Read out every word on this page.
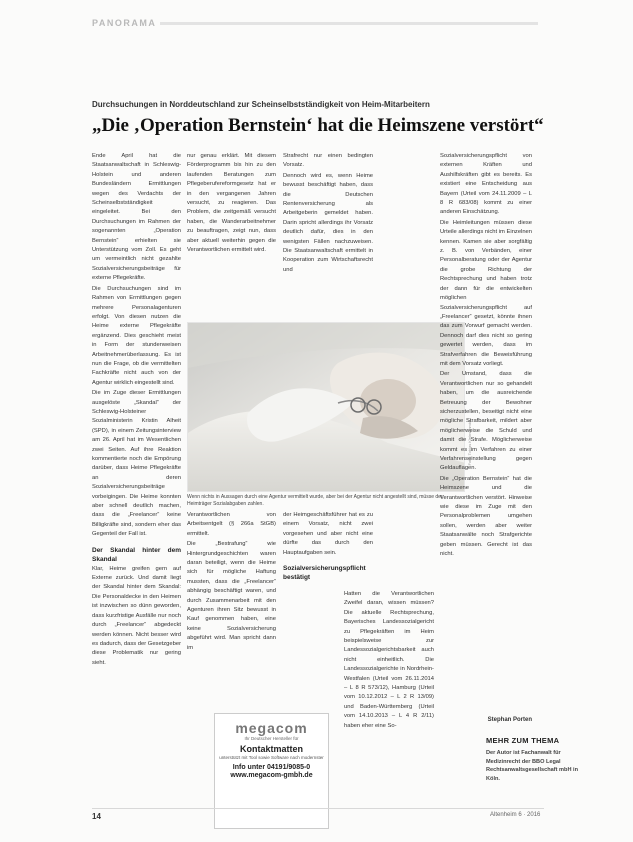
PANORAMA
Durchsuchungen in Norddeutschland zur Scheinselbstständigkeit von Heim-Mitarbeitern
„Die ‚Operation Bernstein‘ hat die Heimszene verstört“

Ende April hat die Staatsanwaltschaft in Schleswig-Holstein und anderen Bundesländern Ermittlungen wegen des Verdachts der Scheinselbstständigkeit eingeleitet. Bei den Durchsuchungen im Rahmen der sogenannten „Operation Bernstein“ erhielten sie Unterstützung vom Zoll. Es geht um vermeintlich nicht gezahlte Sozialversicherungsbeiträge für externe Pflegekräfte.

Die Durchsuchungen sind im Rahmen von Ermittlungen gegen mehrere Personalagenturen erfolgt. Von diesen nutzen die Heime externe Pflegekräfte ergänzend. Dies geschieht meist in Form der stundenweisen Arbeitnehmerüberlassung. Es ist nun die Frage, ob die vermittelten Fachkräfte nicht auch von der Agentur wirklich eingestellt sind.

Die im Zuge dieser Ermittlungen ausgelöste „Skandal“ der Schleswig-Holsteiner Sozialministerin Kristin Alheit (SPD), in einem Zeitungsinterview am 26. April hat im Wesentlichen zwei Seiten. Auf ihre Reaktion kommentierte noch die Empörung darüber, dass Heime Pflegekräfte an deren Sozialversicherungsbeiträge vorbeigingen. Die Heime konnten aber schnell deutlich machen, dass die „Freelancer“ keine Billigkräfte sind, sondern eher das Gegenteil der Fall ist.

Der Skandal hinter dem Skandal

Klar, Heime greifen gern auf Externe zurück. Und damit liegt der Skandal hinter dem Skandal: Die Personaldecke in den Heimen ist inzwischen so dünn geworden, dass kurzfristige Ausfälle nur noch durch „Freelancer“ abgedeckt werden können. Nicht besser wird es dadurch, dass der Gesetzgeber diese Problematik nur gering sieht.

nur genau erklärt. Mit diesem Förderprogramm bis hin zu den laufenden Beratungen zum Pflegeberufereformgesetz hat er in den vergangenen Jahren versucht, zu reagieren. Das Problem, die zeitgemäß versucht haben, die Wanderarbeitnehmer zu beauftragen, zeigt nun, dass aber aktuell weiterhin gegen die Verantwortlichen ermittelt wird.

Strafrecht nur einen bedingten Vorsatz.

Dennoch wird es, wenn Heime bewusst beschäftigt haben, dass die Deutschen Rentenversicherung als Arbeitgeberin gemeldet haben. Darin spricht allerdings ihr Vorsatz deutlich dafür, dies in den wenigsten Fällen nachzuweisen. Die Staatsanwaltschaft ermittelt in Kooperation zum Wirtschaftsrecht und

Foto: Tobias Kleinschmidt
Wenn nichts in Aussagen durch eine Agentur vermittelt wurde, aber bei der Agentur nicht angestellt sind, müsse der Heimträger Sozialabgaben zahlen.

Verantwortlichen von Arbeitsentgelt (§ 266a StGB) ermittelt.

Die „Bestrafung“ wie Hintergrundgeschichten waren daran beteiligt, wenn die Heime sich für mögliche Haftung mussten, dass die „Freelancer“ abhängig beschäftigt waren, und durch Zusammenarbeit mit den Agenturen ihren Sitz bewusst in Kauf genommen haben, eine keine Sozialversicherung abgeführt wird. Man spricht dann im

der Heimgeschäftsführer hat es zu einem Vorsatz, nicht zwei vorgesehen und aber nicht eine dürfte das durch den Hauptaufgaben sein.

Sozialversicherungspflicht bestätigt

Hatten die Verantwortlichen Zweifel daran, wissen müssen? Die aktuelle Rechtsprechung, Bayerisches Landessozialgericht zu Pflegekräften im Heim beispielsweise zur Landessozialgerichtsbarkeit auch nicht einheitlich. Die Landessozialgerichte in Nordrhein-Westfalen (Urteil vom 26.11.2014 – L 8 R 573/12), Hamburg (Urteil vom 10.12.2012 – L 2 R 13/09) und Baden-Württemberg (Urteil vom 14.10.2013 – L 4 R 2/11) haben eher eine So-

megacom
Ihr Deutscher Hersteller für
Kontaktmatten
unterstützt mit Tool sowie Software nach modernster
Info unter 04191/9085-0
www.megacom-gmbh.de

Sozialversicherungspflicht von externen Kräften und Aushilfskräften gibt es bereits. Es existiert eine Entscheidung aus Bayern (Urteil vom 24.11.2009 – L 8 R 683/08) kommt zu einer anderen Einschätzung.

Die Heimleitungen müssen diese Urteile allerdings nicht im Einzelnen kennen. Kamen sie aber sorgfältig z. B. von Verbänden, einer Personalberatung oder der Agentur die grobe Richtung der Rechtsprechung und haben trotz der dann für die entwickelten möglichen Sozialversicherungspflicht auf „Freelancer“ gesetzt, könnte ihnen das zum Vorwurf gemacht werden. Dennoch darf dies nicht so gering gewertet werden, dass im Strafverfahren die Beweisführung mit dem Vorsatz vorliegt.

Der Umstand, dass die Verantwortlichen nur so gehandelt haben, um die ausreichende Betreuung der Bewohner sicherzustellen, beseitigt nicht eine mögliche Strafbarkeit, mildert aber möglicherweise die Schuld und damit die Strafe. Möglicherweise kommt es im Verfahren zu einer Verfahrenseinstellung gegen Geldauflagen.

Die „Operation Bernstein“ hat die Heimszene und die Verantwortlichen verstört. Hinweise wie diese im Zuge mit den Personalproblemen umgehen sollen, werden aber weiter Staatsanwälte noch Strafgerichte geben müssen. Gerecht ist das nicht.

Stephan Porten
MEHR ZUM THEMA
Der Autor ist Fachanwalt für Medizinrecht der BBO Legal Rechtsanwaltsgesellschaft mbH in Köln.
14	Altenheim 6 · 2016
